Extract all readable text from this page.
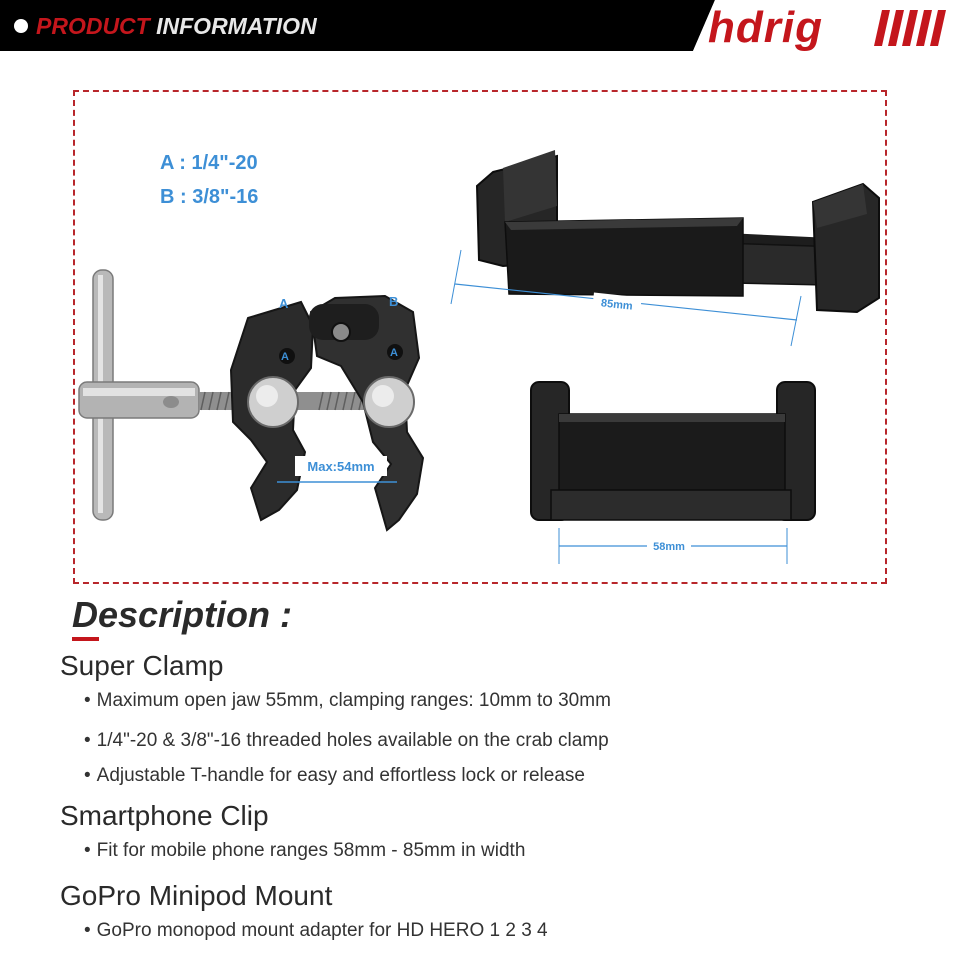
PRODUCT INFORMATION	hdrig
A	B
A	A
Max:54mm
85mm
58mm
A : 1/4"-20
B : 3/8"-16
Description :
Super Clamp
• Maximum open jaw 55mm, clamping ranges: 10mm to 30mm
• 1/4"-20 & 3/8"-16 threaded holes available on the crab clamp
• Adjustable T-handle for easy and effortless lock or release
Smartphone Clip
• Fit for mobile phone ranges 58mm - 85mm in width
GoPro Minipod Mount
• GoPro monopod mount adapter for HD HERO 1 2 3 4
